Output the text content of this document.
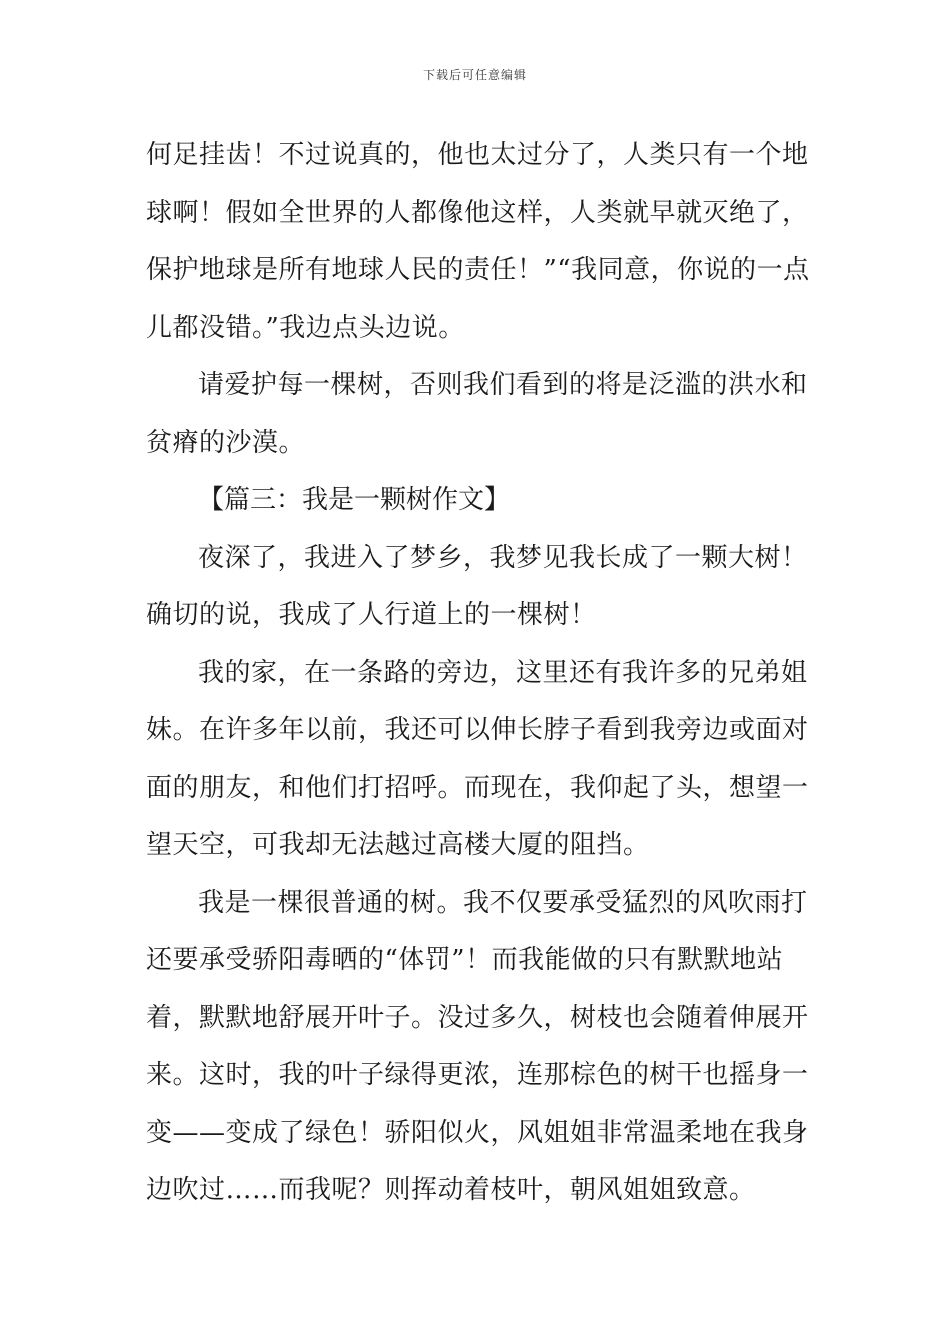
下载后可任意编辑

何足挂齿！不过说真的，他也太过分了，人类只有一个地球啊！假如全世界的人都像他这样，人类就早就灭绝了，保护地球是所有地球人民的责任！”“我同意，你说的一点儿都没错。”我边点头边说。

请爱护每一棵树，否则我们看到的将是泛滥的洪水和贫瘠的沙漠。

【篇三：我是一颗树作文】

夜深了，我进入了梦乡，我梦见我长成了一颗大树！确切的说，我成了人行道上的一棵树！

我的家，在一条路的旁边，这里还有我许多的兄弟姐妹。在许多年以前，我还可以伸长脖子看到我旁边或面对面的朋友，和他们打招呼。而现在，我仰起了头，想望一望天空，可我却无法越过高楼大厦的阻挡。

我是一棵很普通的树。我不仅要承受猛烈的风吹雨打还要承受骄阳毒晒的“体罚”！而我能做的只有默默地站着，默默地舒展开叶子。没过多久，树枝也会随着伸展开来。这时，我的叶子绿得更浓，连那棕色的树干也摇身一变——变成了绿色！骄阳似火，风姐姐非常温柔地在我身边吹过……而我呢？则挥动着枝叶，朝风姐姐致意。
